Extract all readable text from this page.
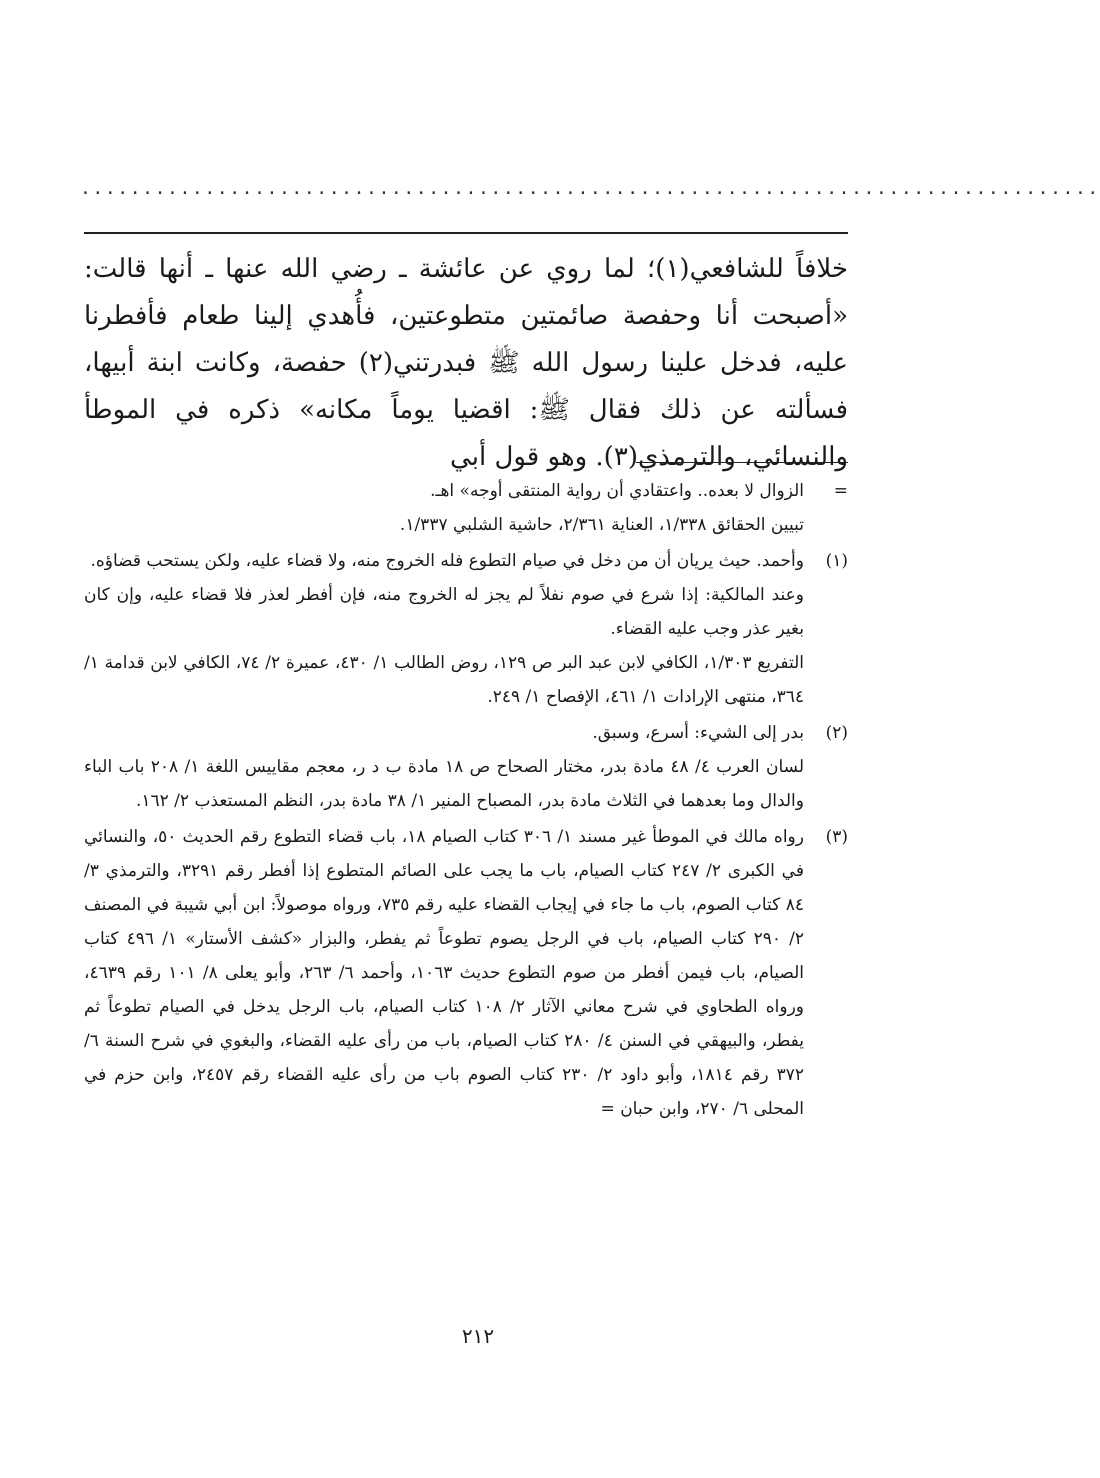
..................................................................................

خلافاً للشافعي(١)؛ لما روي عن عائشة ـ رضي الله عنها ـ أنها قالت: «أصبحت أنا وحفصة صائمتين متطوعتين، فأُهدي إلينا طعام فأفطرنا عليه، فدخل علينا رسول الله ﷺ فبدرتني(٢) حفصة، وكانت ابنة أبيها، فسألته عن ذلك فقال ﷺ: اقضيا يوماً مكانه» ذكره في الموطأ والنسائي، والترمذي(٣). وهو قول أبي

=

الزوال لا بعده.. واعتقادي أن رواية المنتقى أوجه» اهـ.

تبيين الحقائق ١/٣٣٨، العناية ٢/٣٦١، حاشية الشلبي ١/٣٣٧.

(١)

وأحمد. حيث يريان أن من دخل في صيام التطوع فله الخروج منه، ولا قضاء عليه، ولكن يستحب قضاؤه.

وعند المالكية: إذا شرع في صوم نفلاً لم يجز له الخروج منه، فإن أفطر لعذر فلا قضاء عليه، وإن كان بغير عذر وجب عليه القضاء.

التفريع ١/٣٠٣، الكافي لابن عبد البر ص ١٢٩، روض الطالب ١/ ٤٣٠، عميرة ٢/ ٧٤، الكافي لابن قدامة ١/ ٣٦٤، منتهى الإرادات ١/ ٤٦١، الإفصاح ١/ ٢٤٩.

(٢)

بدر إلى الشيء: أسرع، وسبق.

لسان العرب ٤/ ٤٨ مادة بدر، مختار الصحاح ص ١٨ مادة ب د ر، معجم مقاييس اللغة ١/ ٢٠٨ باب الباء والدال وما بعدهما في الثلاث مادة بدر، المصباح المنير ١/ ٣٨ مادة بدر، النظم المستعذب ٢/ ١٦٢.

(٣)

رواه مالك في الموطأ غير مسند ١/ ٣٠٦ كتاب الصيام ١٨، باب قضاء التطوع رقم الحديث ٥٠، والنسائي في الكبرى ٢/ ٢٤٧ كتاب الصيام، باب ما يجب على الصائم المتطوع إذا أفطر رقم ٣٢٩١، والترمذي ٣/ ٨٤ كتاب الصوم، باب ما جاء في إيجاب القضاء عليه رقم ٧٣٥، ورواه موصولاً: ابن أبي شيبة في المصنف ٢/ ٢٩٠ كتاب الصيام، باب في الرجل يصوم تطوعاً ثم يفطر، والبزار «كشف الأستار» ١/ ٤٩٦ كتاب الصيام، باب فيمن أفطر من صوم التطوع حديث ١٠٦٣، وأحمد ٦/ ٢٦٣، وأبو يعلى ٨/ ١٠١ رقم ٤٦٣٩، ورواه الطحاوي في شرح معاني الآثار ٢/ ١٠٨ كتاب الصيام، باب الرجل يدخل في الصيام تطوعاً ثم يفطر، والبيهقي في السنن ٤/ ٢٨٠ كتاب الصيام، باب من رأى عليه القضاء، والبغوي في شرح السنة ٦/ ٣٧٢ رقم ١٨١٤، وأبو داود ٢/ ٢٣٠ كتاب الصوم باب من رأى عليه القضاء رقم ٢٤٥٧، وابن حزم في المحلى ٦/ ٢٧٠، وابن حبان =

٢١٢
